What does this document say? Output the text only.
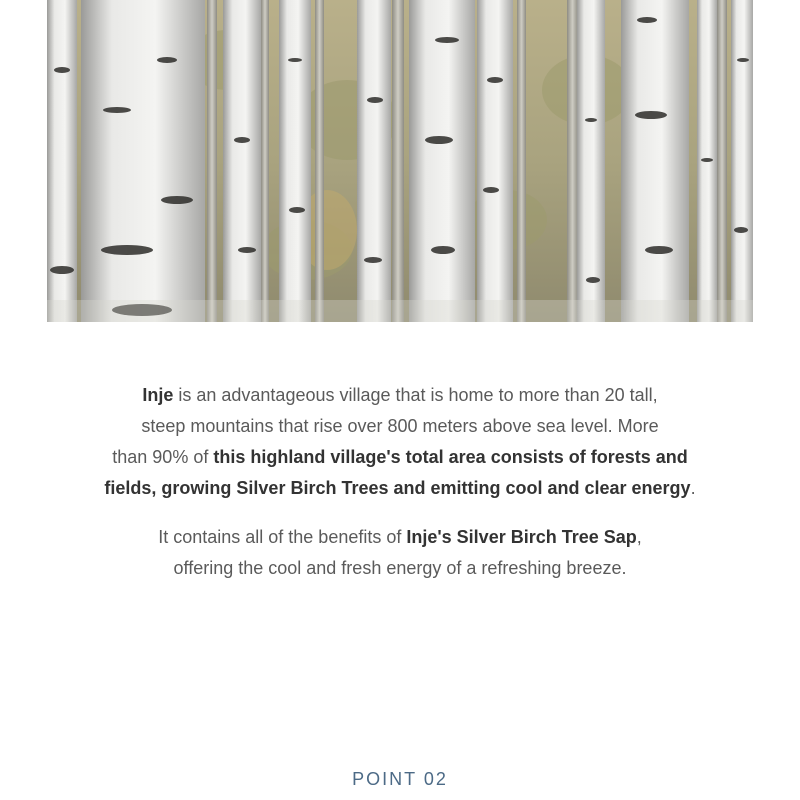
Inje is an advantageous village that is home to more than 20 tall,
steep mountains that rise over 800 meters above sea level. More
than 90% of this highland village's total area consists of forests and
fields, growing Silver Birch Trees and emitting cool and clear energy.

It contains all of the benefits of Inje's Silver Birch Tree Sap,
offering the cool and fresh energy of a refreshing breeze.

POINT 02
